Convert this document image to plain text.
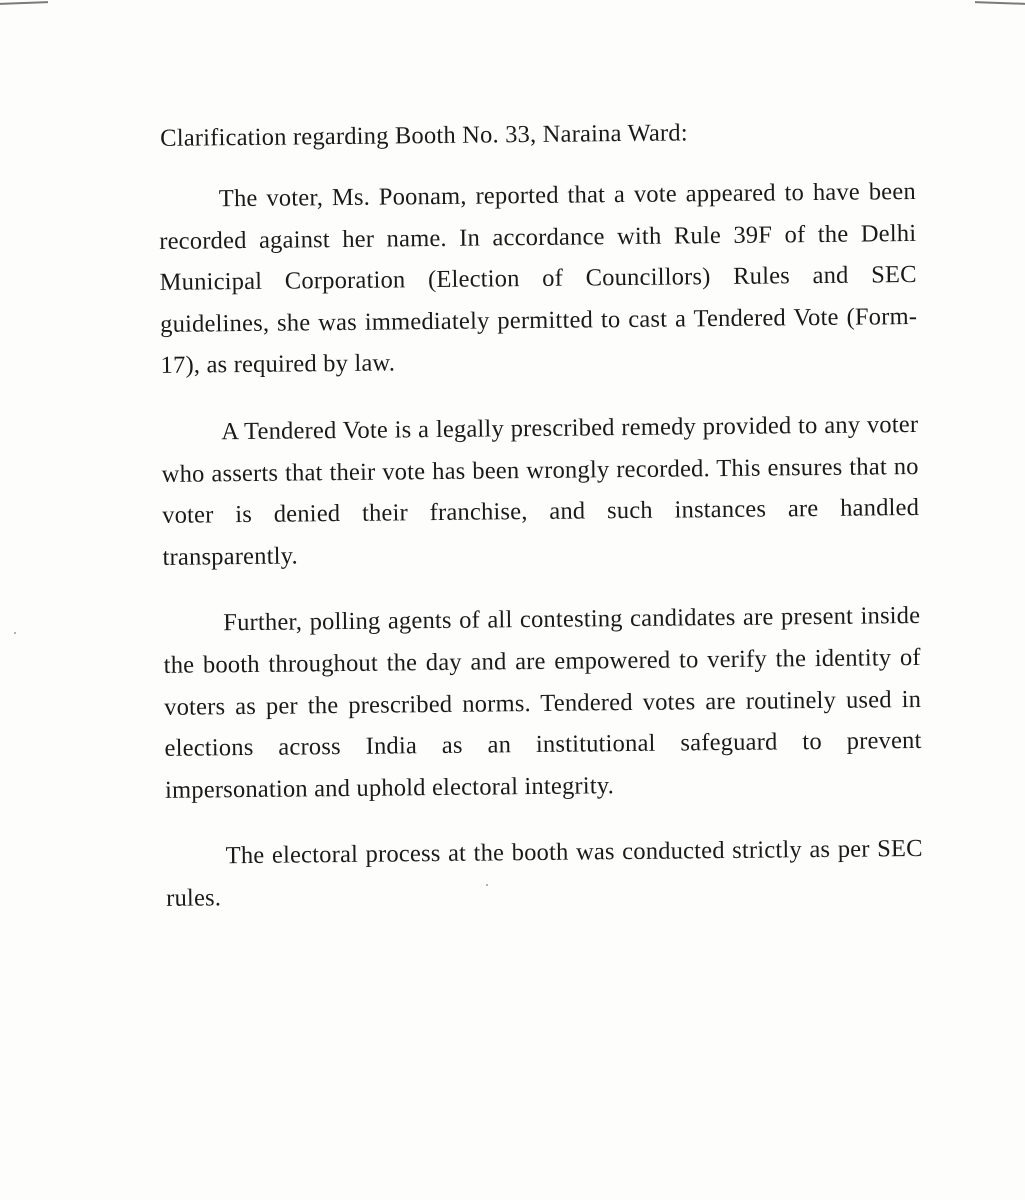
Clarification regarding Booth No. 33, Naraina Ward:

The voter, Ms. Poonam, reported that a vote appeared to have been recorded against her name. In accordance with Rule 39F of the Delhi Municipal Corporation (Election of Councillors) Rules and SEC guidelines, she was immediately permitted to cast a Tendered Vote (Form-17), as required by law.

A Tendered Vote is a legally prescribed remedy provided to any voter who asserts that their vote has been wrongly recorded. This ensures that no voter is denied their franchise, and such instances are handled transparently.

Further, polling agents of all contesting candidates are present inside the booth throughout the day and are empowered to verify the identity of voters as per the prescribed norms. Tendered votes are routinely used in elections across India as an institutional safeguard to prevent impersonation and uphold electoral integrity.

The electoral process at the booth was conducted strictly as per SEC rules.
